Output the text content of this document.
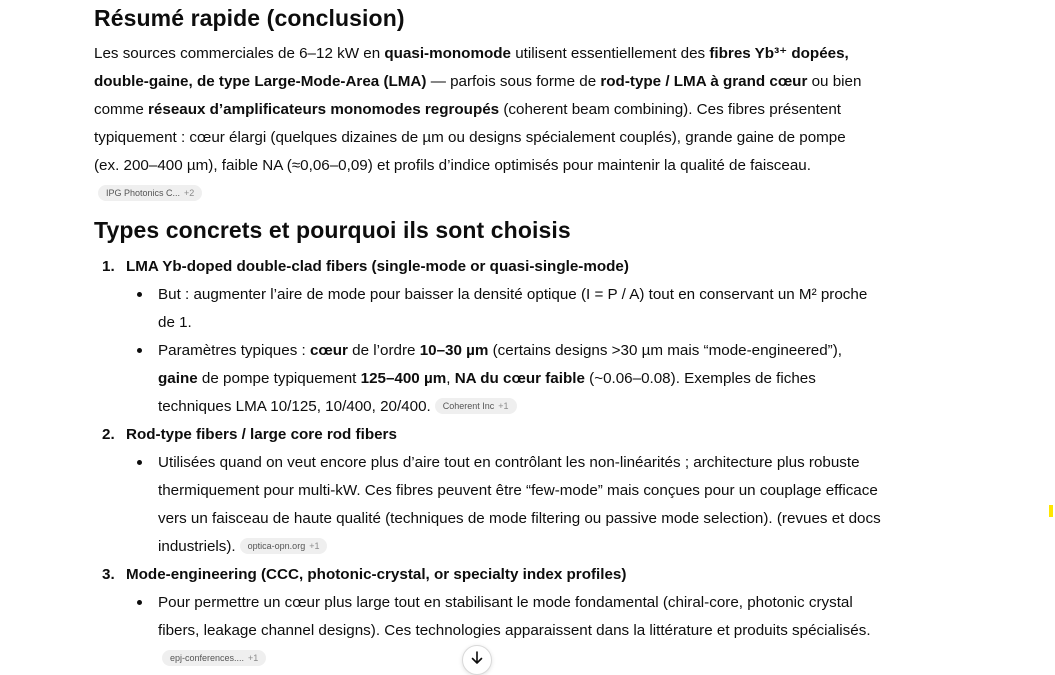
Résumé rapide (conclusion)

Les sources commerciales de 6–12 kW en quasi-monomode utilisent essentiellement des fibres Yb³⁺ dopées, double-gaine, de type Large-Mode-Area (LMA) — parfois sous forme de rod-type / LMA à grand cœur ou bien comme réseaux d’amplificateurs monomodes regroupés (coherent beam combining). Ces fibres présentent typiquement : cœur élargi (quelques dizaines de µm ou designs spécialement couplés), grande gaine de pompe (ex. 200–400 µm), faible NA (≈0,06–0,09) et profils d’indice optimisés pour maintenir la qualité de faisceau.IPG Photonics C... +2

Types concrets et pourquoi ils sont choisis
1. LMA Yb-doped double-clad fibers (single-mode or quasi-single-mode)
But : augmenter l’aire de mode pour baisser la densité optique (I = P / A) tout en conservant un M² proche de 1.
Paramètres typiques : cœur de l’ordre 10–30 µm (certains designs >30 µm mais “mode-engineered”), gaine de pompe typiquement 125–400 µm, NA du cœur faible (~0.06–0.08). Exemples de fiches techniques LMA 10/125, 10/400, 20/400. Coherent Inc +1
2. Rod-type fibers / large core rod fibers
Utilisées quand on veut encore plus d’aire tout en contrôlant les non-linéarités ; architecture plus robuste thermiquement pour multi-kW. Ces fibres peuvent être “few-mode” mais conçues pour un couplage efficace vers un faisceau de haute qualité (techniques de mode filtering ou passive mode selection). (revues et docs industriels). optica-opn.org +1
3. Mode-engineering (CCC, photonic-crystal, or specialty index profiles)
Pour permettre un cœur plus large tout en stabilisant le mode fondamental (chiral-core, photonic crystal fibers, leakage channel designs). Ces technologies apparaissent dans la littérature et produits spécialisés.epj-conferences.... +1
